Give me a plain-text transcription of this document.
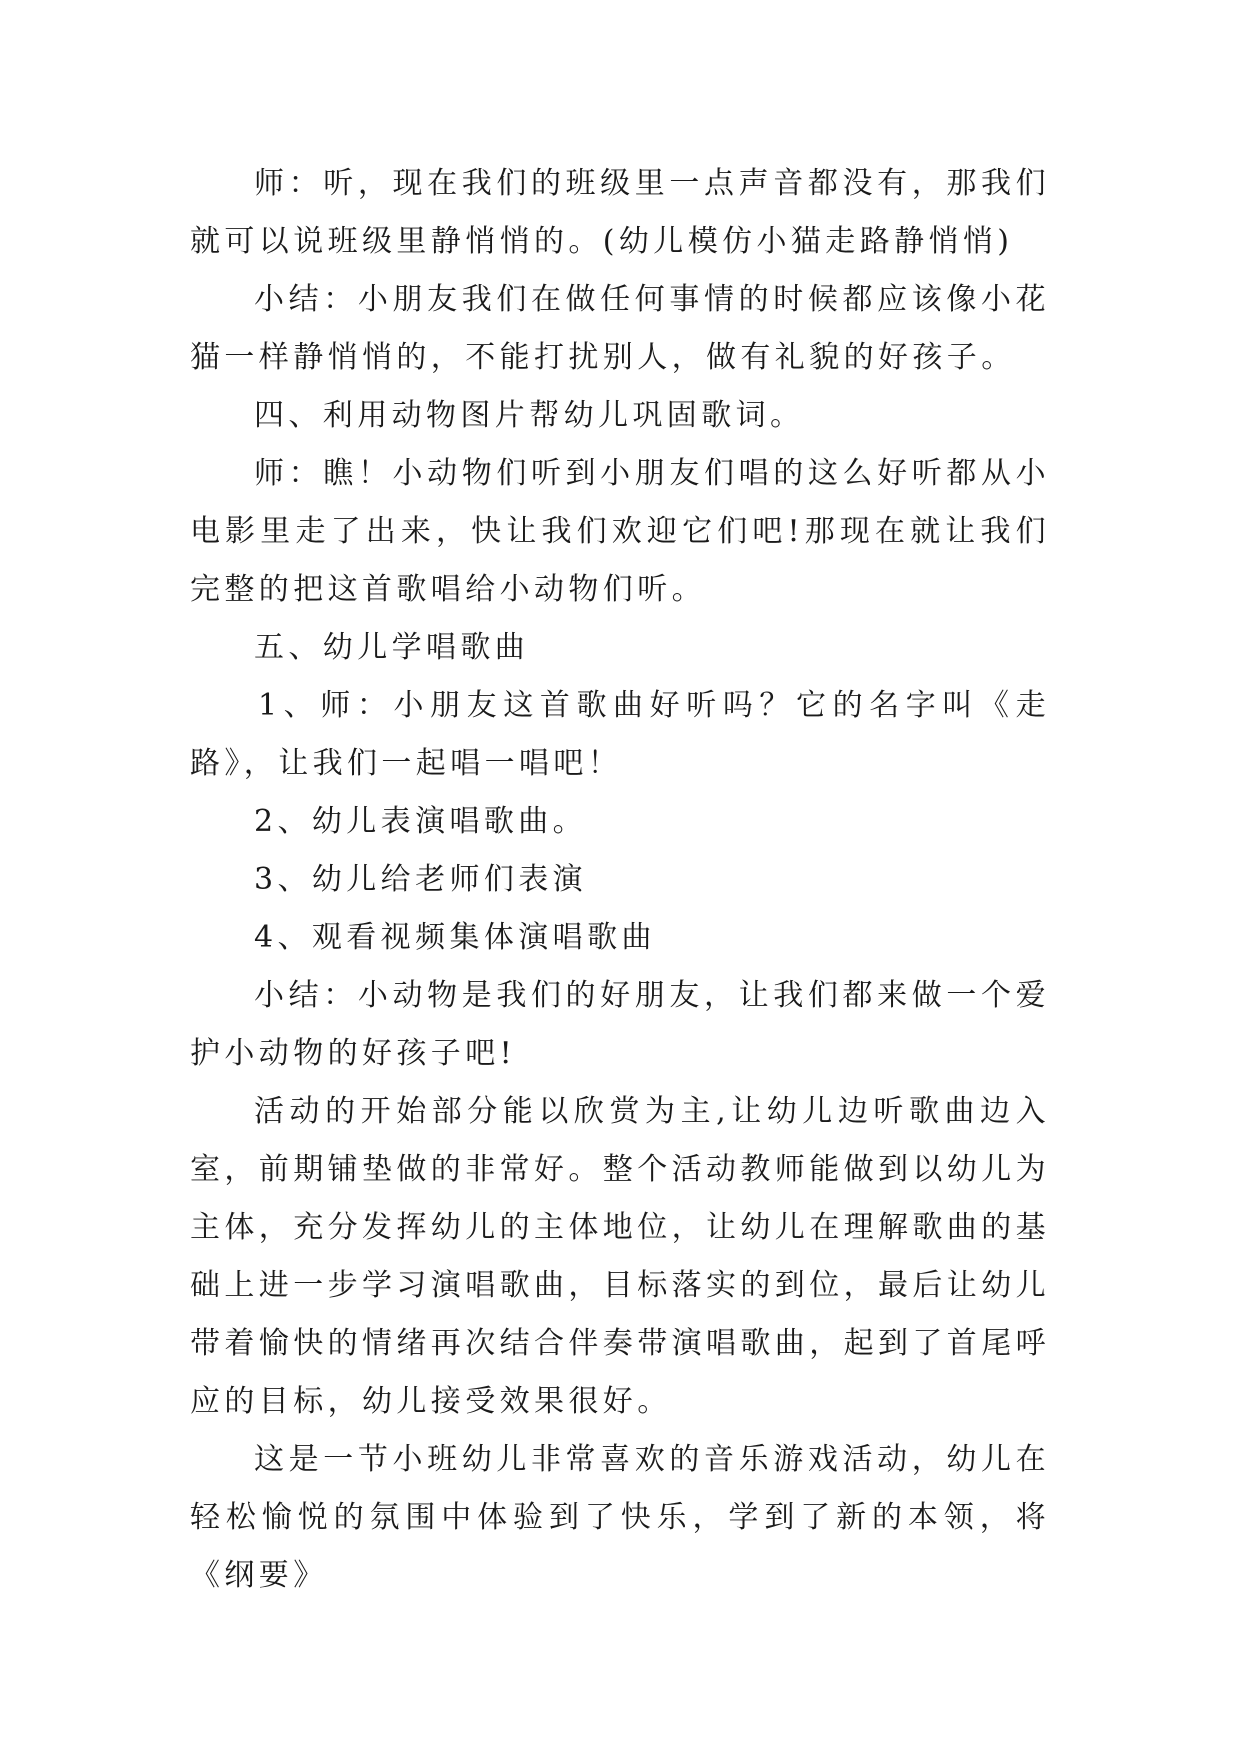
师：听，现在我们的班级里一点声音都没有，那我们就可以说班级里静悄悄的。(幼儿模仿小猫走路静悄悄)

小结：小朋友我们在做任何事情的时候都应该像小花猫一样静悄悄的，不能打扰别人，做有礼貌的好孩子。

四、利用动物图片帮幼儿巩固歌词。

师：瞧！小动物们听到小朋友们唱的这么好听都从小电影里走了出来，快让我们欢迎它们吧!那现在就让我们完整的把这首歌唱给小动物们听。

五、幼儿学唱歌曲

1、师：小朋友这首歌曲好听吗？它的名字叫《走路》，让我们一起唱一唱吧！

2、幼儿表演唱歌曲。

3、幼儿给老师们表演

4、观看视频集体演唱歌曲

小结：小动物是我们的好朋友，让我们都来做一个爱护小动物的好孩子吧!

活动的开始部分能以欣赏为主,让幼儿边听歌曲边入室，前期铺垫做的非常好。整个活动教师能做到以幼儿为主体，充分发挥幼儿的主体地位，让幼儿在理解歌曲的基础上进一步学习演唱歌曲，目标落实的到位，最后让幼儿带着愉快的情绪再次结合伴奏带演唱歌曲，起到了首尾呼应的目标，幼儿接受效果很好。

这是一节小班幼儿非常喜欢的音乐游戏活动，幼儿在轻松愉悦的氛围中体验到了快乐，学到了新的本领，将《纲要》
